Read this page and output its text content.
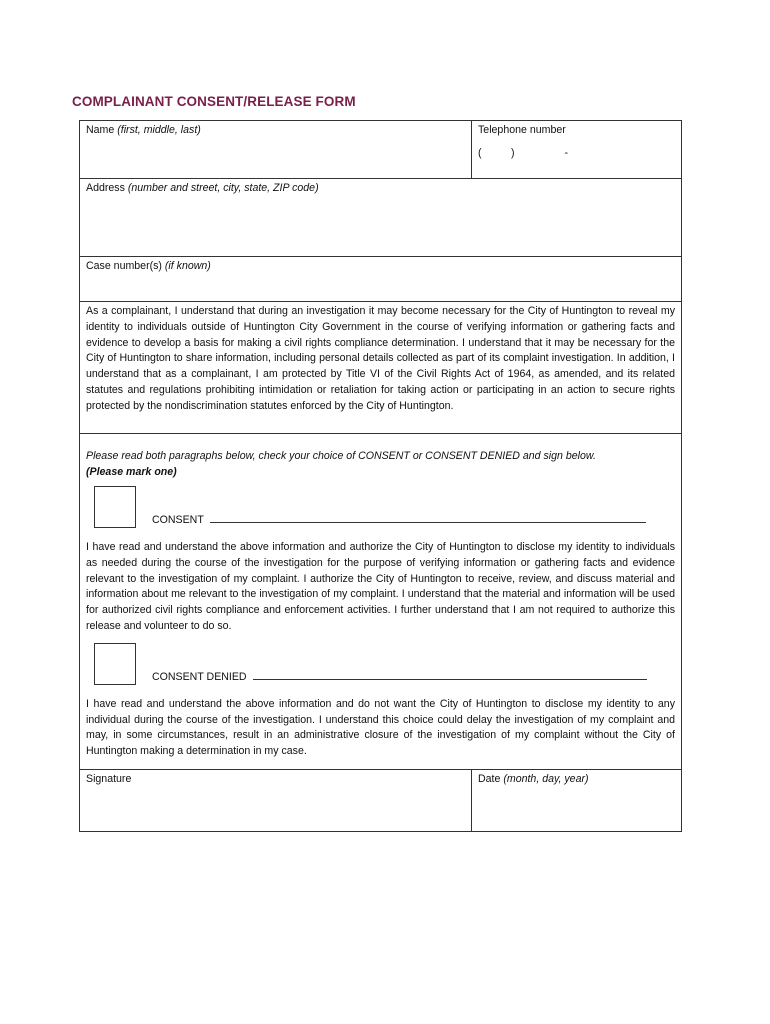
COMPLAINANT CONSENT/RELEASE FORM
Name (first, middle, last)	Telephone number
(          )                 -
Address (number and street, city, state, ZIP code)
Case number(s) (if known)
As a complainant, I understand that during an investigation it may become necessary for the City of Huntington to reveal my identity to individuals outside of Huntington City Government in the course of verifying information or gathering facts and evidence to develop a basis for making a civil rights compliance determination. I understand that it may be necessary for the City of Huntington to share information, including personal details collected as part of its complaint investigation. In addition, I understand that as a complainant, I am protected by Title VI of the Civil Rights Act of 1964, as amended, and its related statutes and regulations prohibiting intimidation or retaliation for taking action or participating in an action to secure rights protected by the nondiscrimination statutes enforced by the City of Huntington.
Please read both paragraphs below, check your choice of CONSENT or CONSENT DENIED and sign below.
(Please mark one)
CONSENT
I have read and understand the above information and authorize the City of Huntington to disclose my identity to individuals as needed during the course of the investigation for the purpose of verifying information or gathering facts and evidence relevant to the investigation of my complaint. I authorize the City of Huntington to receive, review, and discuss material and information about me relevant to the investigation of my complaint. I understand that the material and information will be used for authorized civil rights compliance and enforcement activities. I further understand that I am not required to authorize this release and volunteer to do so.
CONSENT DENIED
I have read and understand the above information and do not want the City of Huntington to disclose my identity to any individual during the course of the investigation. I understand this choice could delay the investigation of my complaint and may, in some circumstances, result in an administrative closure of the investigation of my complaint without the City of Huntington making a determination in my case.
Signature	Date (month, day, year)
